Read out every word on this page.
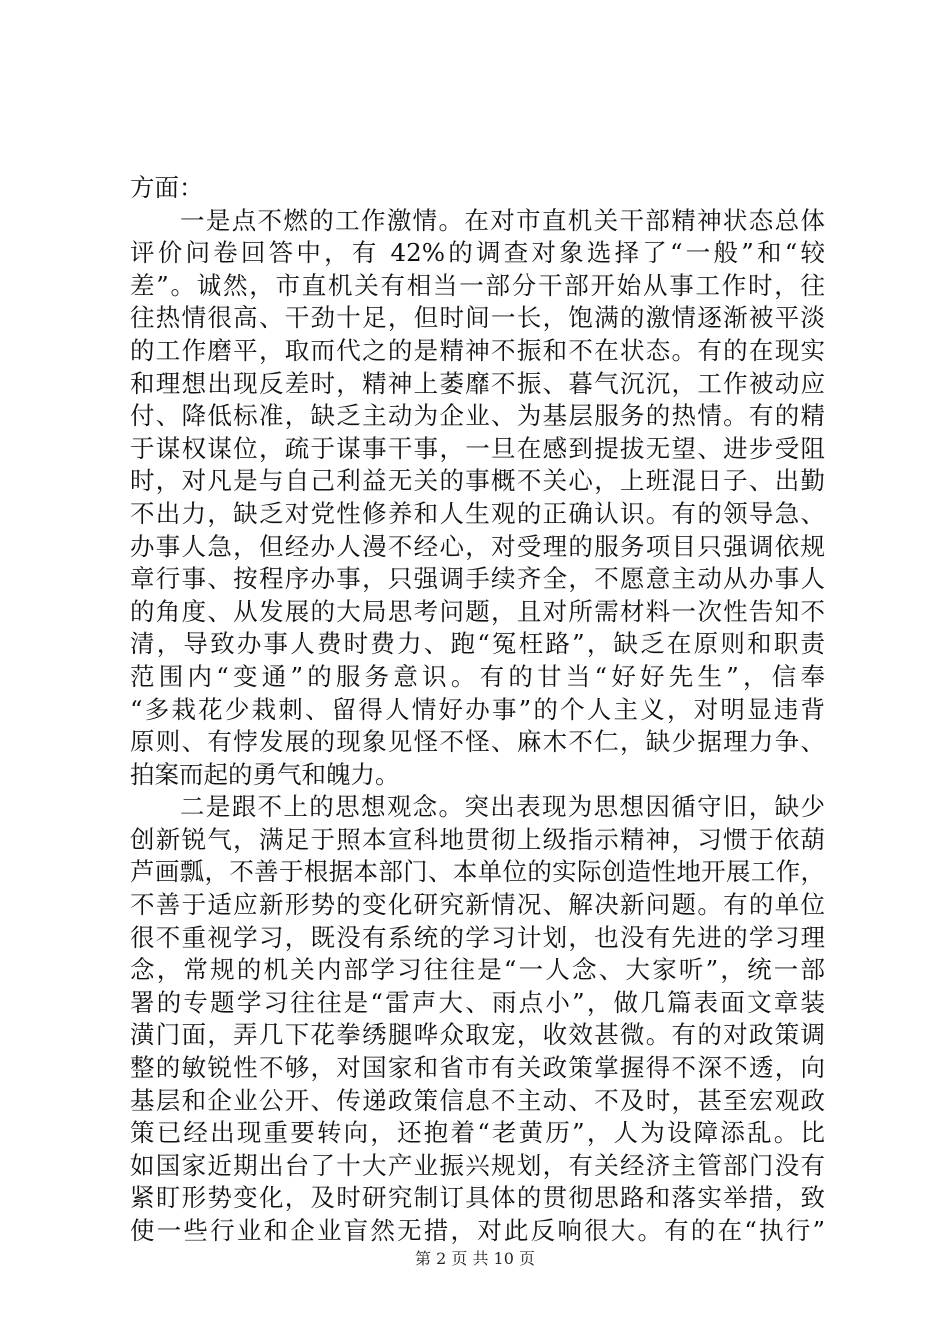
方面：
一是点不燃的工作激情。在对市直机关干部精神状态总体
评价问卷回答中，有 42%的调查对象选择了“一般”和“较
差”。诚然，市直机关有相当一部分干部开始从事工作时，往
往热情很高、干劲十足，但时间一长，饱满的激情逐渐被平淡
的工作磨平，取而代之的是精神不振和不在状态。有的在现实
和理想出现反差时，精神上萎靡不振、暮气沉沉，工作被动应
付、降低标准，缺乏主动为企业、为基层服务的热情。有的精
于谋权谋位，疏于谋事干事，一旦在感到提拔无望、进步受阻
时，对凡是与自己利益无关的事概不关心，上班混日子、出勤
不出力，缺乏对党性修养和人生观的正确认识。有的领导急、
办事人急，但经办人漫不经心，对受理的服务项目只强调依规
章行事、按程序办事，只强调手续齐全，不愿意主动从办事人
的角度、从发展的大局思考问题，且对所需材料一次性告知不
清，导致办事人费时费力、跑“冤枉路”，缺乏在原则和职责
范围内“变通”的服务意识。有的甘当“好好先生”，信奉
“多栽花少栽刺、留得人情好办事”的个人主义，对明显违背
原则、有悖发展的现象见怪不怪、麻木不仁，缺少据理力争、
拍案而起的勇气和魄力。
二是跟不上的思想观念。突出表现为思想因循守旧，缺少
创新锐气，满足于照本宣科地贯彻上级指示精神，习惯于依葫
芦画瓢，不善于根据本部门、本单位的实际创造性地开展工作，
不善于适应新形势的变化研究新情况、解决新问题。有的单位
很不重视学习，既没有系统的学习计划，也没有先进的学习理
念，常规的机关内部学习往往是“一人念、大家听”，统一部
署的专题学习往往是“雷声大、雨点小”，做几篇表面文章装
潢门面，弄几下花拳绣腿哗众取宠，收效甚微。有的对政策调
整的敏锐性不够，对国家和省市有关政策掌握得不深不透，向
基层和企业公开、传递政策信息不主动、不及时，甚至宏观政
策已经出现重要转向，还抱着“老黄历”，人为设障添乱。比
如国家近期出台了十大产业振兴规划，有关经济主管部门没有
紧盯形势变化，及时研究制订具体的贯彻思路和落实举措，致
使一些行业和企业盲然无措，对此反响很大。有的在“执行”
第 2 页 共 10 页
